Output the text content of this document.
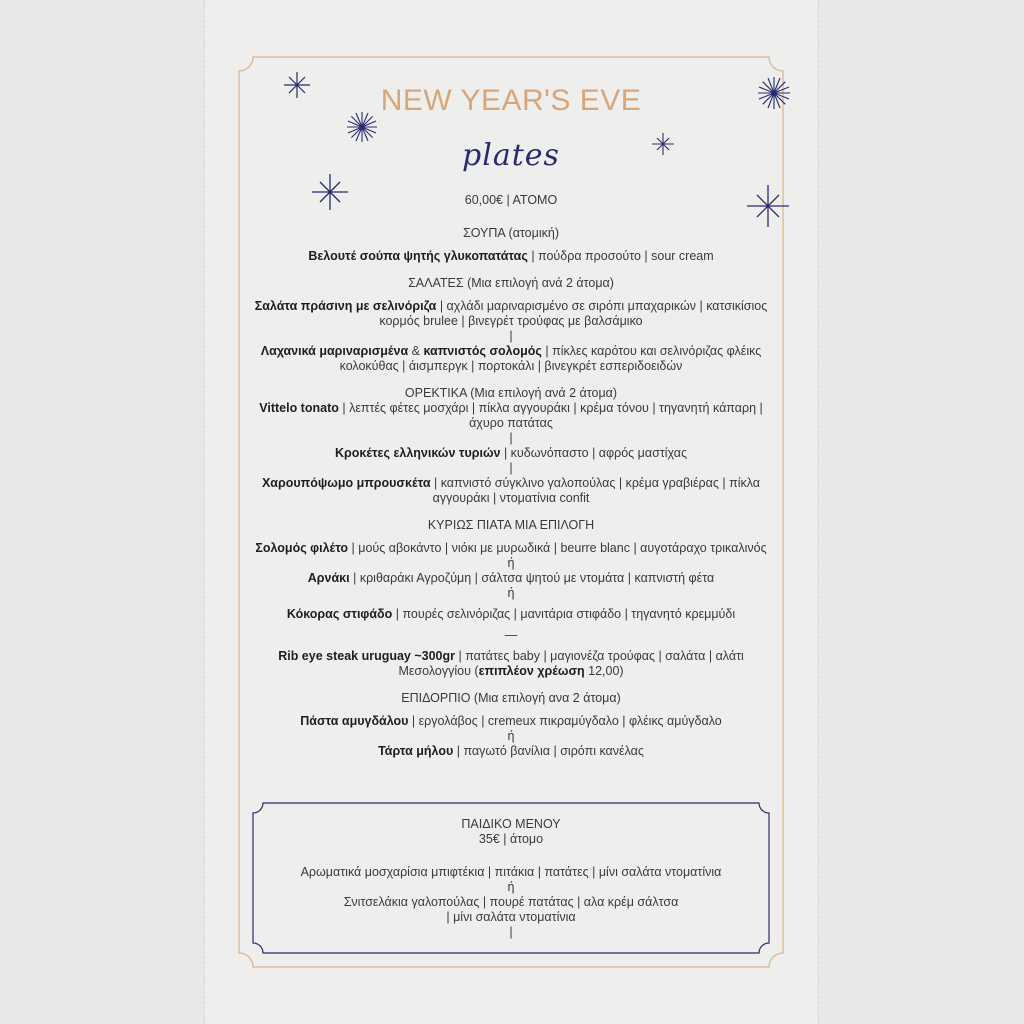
NEW YEAR'S EVE
plates
60,00€ | ΑΤΟΜΟ
ΣΟΥΠΑ (ατομική)
Βελουτέ σούπα ψητής γλυκοπατάτας | πούδρα προσούτο | sour cream
ΣΑΛΑΤΕΣ (Μια επιλογή ανά 2 άτομα)
Σαλάτα πράσινη με σελινόριζα | αχλάδι μαριναρισμένο σε σιρόπι μπαχαρικών | κατσικίσιος κορμός brulee | βινεγρέτ τρούφας με βαλσάμικο
|
Λαχανικά μαριναρισμένα & καπνιστός σολομός | πίκλες καρότου και σελινόριζας φλέικς κολοκύθας | άισμπεργκ | πορτοκάλι | βινεγκρέτ εσπεριδοειδών
ΟΡΕΚΤΙΚΑ (Μια επιλογή ανά 2 άτομα)
Vittelo tonato | λεπτές φέτες μοσχάρι | πίκλα αγγουράκι | κρέμα τόνου | τηγανητή κάπαρη | άχυρο πατάτας
|
Κροκέτες ελληνικών τυριών | κυδωνόπαστο | αφρός μαστίχας
|
Χαρουπόψωμο μπρουσκέτα | καπνιστό σύγκλινο γαλοπούλας | κρέμα γραβιέρας | πίκλα αγγουράκι | ντοματίνια confit
ΚΥΡΙΩΣ ΠΙΑΤΑ ΜΙΑ ΕΠΙΛΟΓΗ
Σολομός φιλέτο | μούς αβοκάντο | νιόκι με μυρωδικά | beurre blanc | αυγοτάραχο τρικαλινός
ή
Αρνάκι | κριθαράκι Αγροζύμη | σάλτσα ψητού με ντομάτα | καπνιστή φέτα
ή
Κόκορας στιφάδο | πουρές σελινόριζας | μανιτάρια στιφάδο | τηγανητό κρεμμύδι
—
Rib eye steak uruguay ~300gr | πατάτες baby | μαγιονέζα τρούφας | σαλάτα | αλάτι Μεσολογγίου (επιπλέον χρέωση 12,00)
ΕΠΙΔΟΡΠΙΟ (Μια επιλογή ανα 2 άτομα)
Πάστα αμυγδάλου | εργολάβος | cremeux πικραμύγδαλο | φλέικς αμύγδαλο
ή
Τάρτα μήλου | παγωτό βανίλια | σιρόπι κανέλας
ΠΑΙΔΙΚΟ ΜΕΝΟΥ
35€ | άτομο
Αρωματικά μοσχαρίσια μπιφτέκια | πιτάκια | πατάτες | μίνι σαλάτα ντοματίνια
ή
Σνιτσελάκια γαλοπούλας | πουρέ πατάτας | αλα κρέμ σάλτσα
| μίνι σαλάτα ντοματίνια
|
